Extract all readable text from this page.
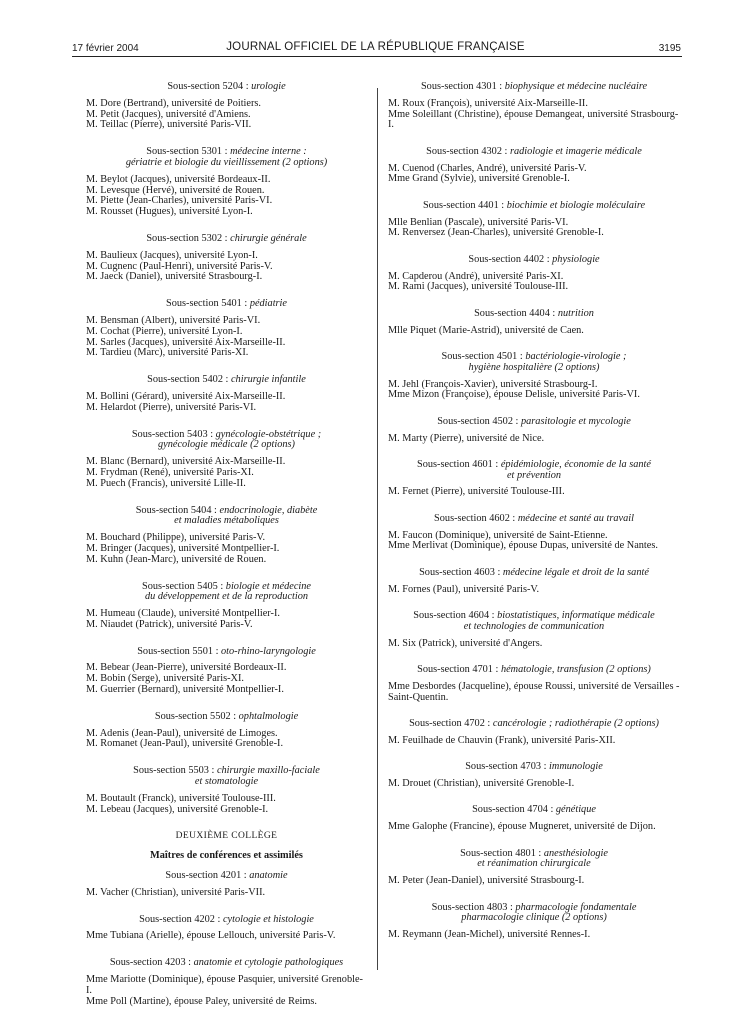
17 février 2004	JOURNAL OFFICIEL DE LA RÉPUBLIQUE FRANÇAISE	3195
Sous-section 5204 : urologie

M. Dore (Bertrand), université de Poitiers.

M. Petit (Jacques), université d'Amiens.

M. Teillac (Pierre), université Paris-VII.

Sous-section 5301 : médecine interne :
gériatrie et biologie du vieillissement (2 options)

M. Beylot (Jacques), université Bordeaux-II.

M. Levesque (Hervé), université de Rouen.

M. Piette (Jean-Charles), université Paris-VI.

M. Rousset (Hugues), université Lyon-I.

Sous-section 5302 : chirurgie générale

M. Baulieux (Jacques), université Lyon-I.

M. Cugnenc (Paul-Henri), université Paris-V.

M. Jaeck (Daniel), université Strasbourg-I.

Sous-section 5401 : pédiatrie

M. Bensman (Albert), université Paris-VI.

M. Cochat (Pierre), université Lyon-I.

M. Sarles (Jacques), université Aix-Marseille-II.

M. Tardieu (Marc), université Paris-XI.

Sous-section 5402 : chirurgie infantile

M. Bollini (Gérard), université Aix-Marseille-II.

M. Helardot (Pierre), université Paris-VI.

Sous-section 5403 : gynécologie-obstétrique ;
gynécologie médicale (2 options)

M. Blanc (Bernard), université Aix-Marseille-II.

M. Frydman (René), université Paris-XI.

M. Puech (Francis), université Lille-II.

Sous-section 5404 : endocrinologie, diabète
et maladies métaboliques

M. Bouchard (Philippe), université Paris-V.

M. Bringer (Jacques), université Montpellier-I.

M. Kuhn (Jean-Marc), université de Rouen.

Sous-section 5405 : biologie et médecine
du développement et de la reproduction

M. Humeau (Claude), université Montpellier-I.

M. Niaudet (Patrick), université Paris-V.

Sous-section 5501 : oto-rhino-laryngologie

M. Bebear (Jean-Pierre), université Bordeaux-II.

M. Bobin (Serge), université Paris-XI.

M. Guerrier (Bernard), université Montpellier-I.

Sous-section 5502 : ophtalmologie

M. Adenis (Jean-Paul), université de Limoges.

M. Romanet (Jean-Paul), université Grenoble-I.

Sous-section 5503 : chirurgie maxillo-faciale
et stomatologie

M. Boutault (Franck), université Toulouse-III.

M. Lebeau (Jacques), université Grenoble-I.

DEUXIÈME COLLÈGE
Maîtres de conférences et assimilés
Sous-section 4201 : anatomie

M. Vacher (Christian), université Paris-VII.

Sous-section 4202 : cytologie et histologie

Mme Tubiana (Arielle), épouse Lellouch, université Paris-V.

Sous-section 4203 : anatomie et cytologie pathologiques

Mme Mariotte (Dominique), épouse Pasquier, université Grenoble-I.

Mme Poll (Martine), épouse Paley, université de Reims.

Sous-section 4301 : biophysique et médecine nucléaire

M. Roux (François), université Aix-Marseille-II.

Mme Soleillant (Christine), épouse Demangeat, université Strasbourg-I.

Sous-section 4302 : radiologie et imagerie médicale

M. Cuenod (Charles, André), université Paris-V.

Mme Grand (Sylvie), université Grenoble-I.

Sous-section 4401 : biochimie et biologie moléculaire

Mlle Benlian (Pascale), université Paris-VI.

M. Renversez (Jean-Charles), université Grenoble-I.

Sous-section 4402 : physiologie

M. Capderou (André), université Paris-XI.

M. Rami (Jacques), université Toulouse-III.

Sous-section 4404 : nutrition

Mlle Piquet (Marie-Astrid), université de Caen.

Sous-section 4501 : bactériologie-virologie ;
hygiène hospitalière (2 options)

M. Jehl (François-Xavier), université Strasbourg-I.

Mme Mizon (Françoise), épouse Delisle, université Paris-VI.

Sous-section 4502 : parasitologie et mycologie

M. Marty (Pierre), université de Nice.

Sous-section 4601 : épidémiologie, économie de la santé
et prévention

M. Fernet (Pierre), université Toulouse-III.

Sous-section 4602 : médecine et santé au travail

M. Faucon (Dominique), université de Saint-Etienne.

Mme Merlivat (Dominique), épouse Dupas, université de Nantes.

Sous-section 4603 : médecine légale et droit de la santé

M. Fornes (Paul), université Paris-V.

Sous-section 4604 : biostatistiques, informatique médicale
et technologies de communication

M. Six (Patrick), université d'Angers.

Sous-section 4701 : hématologie, transfusion (2 options)

Mme Desbordes (Jacqueline), épouse Roussi, université de Versailles - Saint-Quentin.

Sous-section 4702 : cancérologie ; radiothérapie (2 options)

M. Feuilhade de Chauvin (Frank), université Paris-XII.

Sous-section 4703 : immunologie

M. Drouet (Christian), université Grenoble-I.

Sous-section 4704 : génétique

Mme Galophe (Francine), épouse Mugneret, université de Dijon.

Sous-section 4801 : anesthésiologie
et réanimation chirurgicale

M. Peter (Jean-Daniel), université Strasbourg-I.

Sous-section 4803 : pharmacologie fondamentale
pharmacologie clinique (2 options)

M. Reymann (Jean-Michel), université Rennes-I.
